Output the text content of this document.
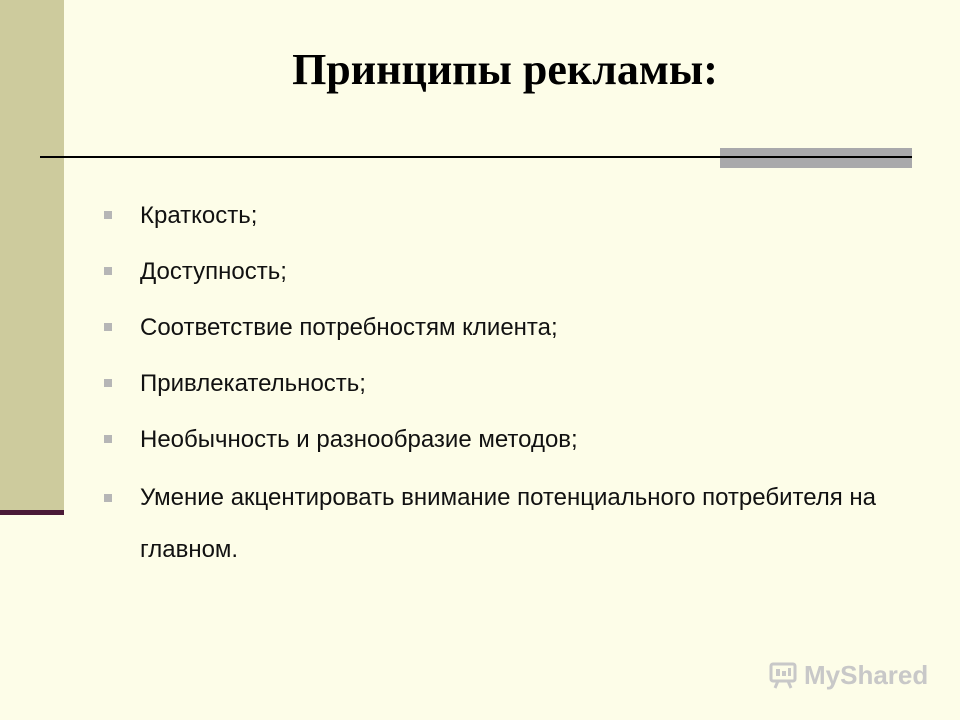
Принципы рекламы:
Краткость;
Доступность;
Соответствие потребностям клиента;
Привлекательность;
Необычность и разнообразие методов;
Умение акцентировать внимание потенциального потребителя на главном.
MyShared
